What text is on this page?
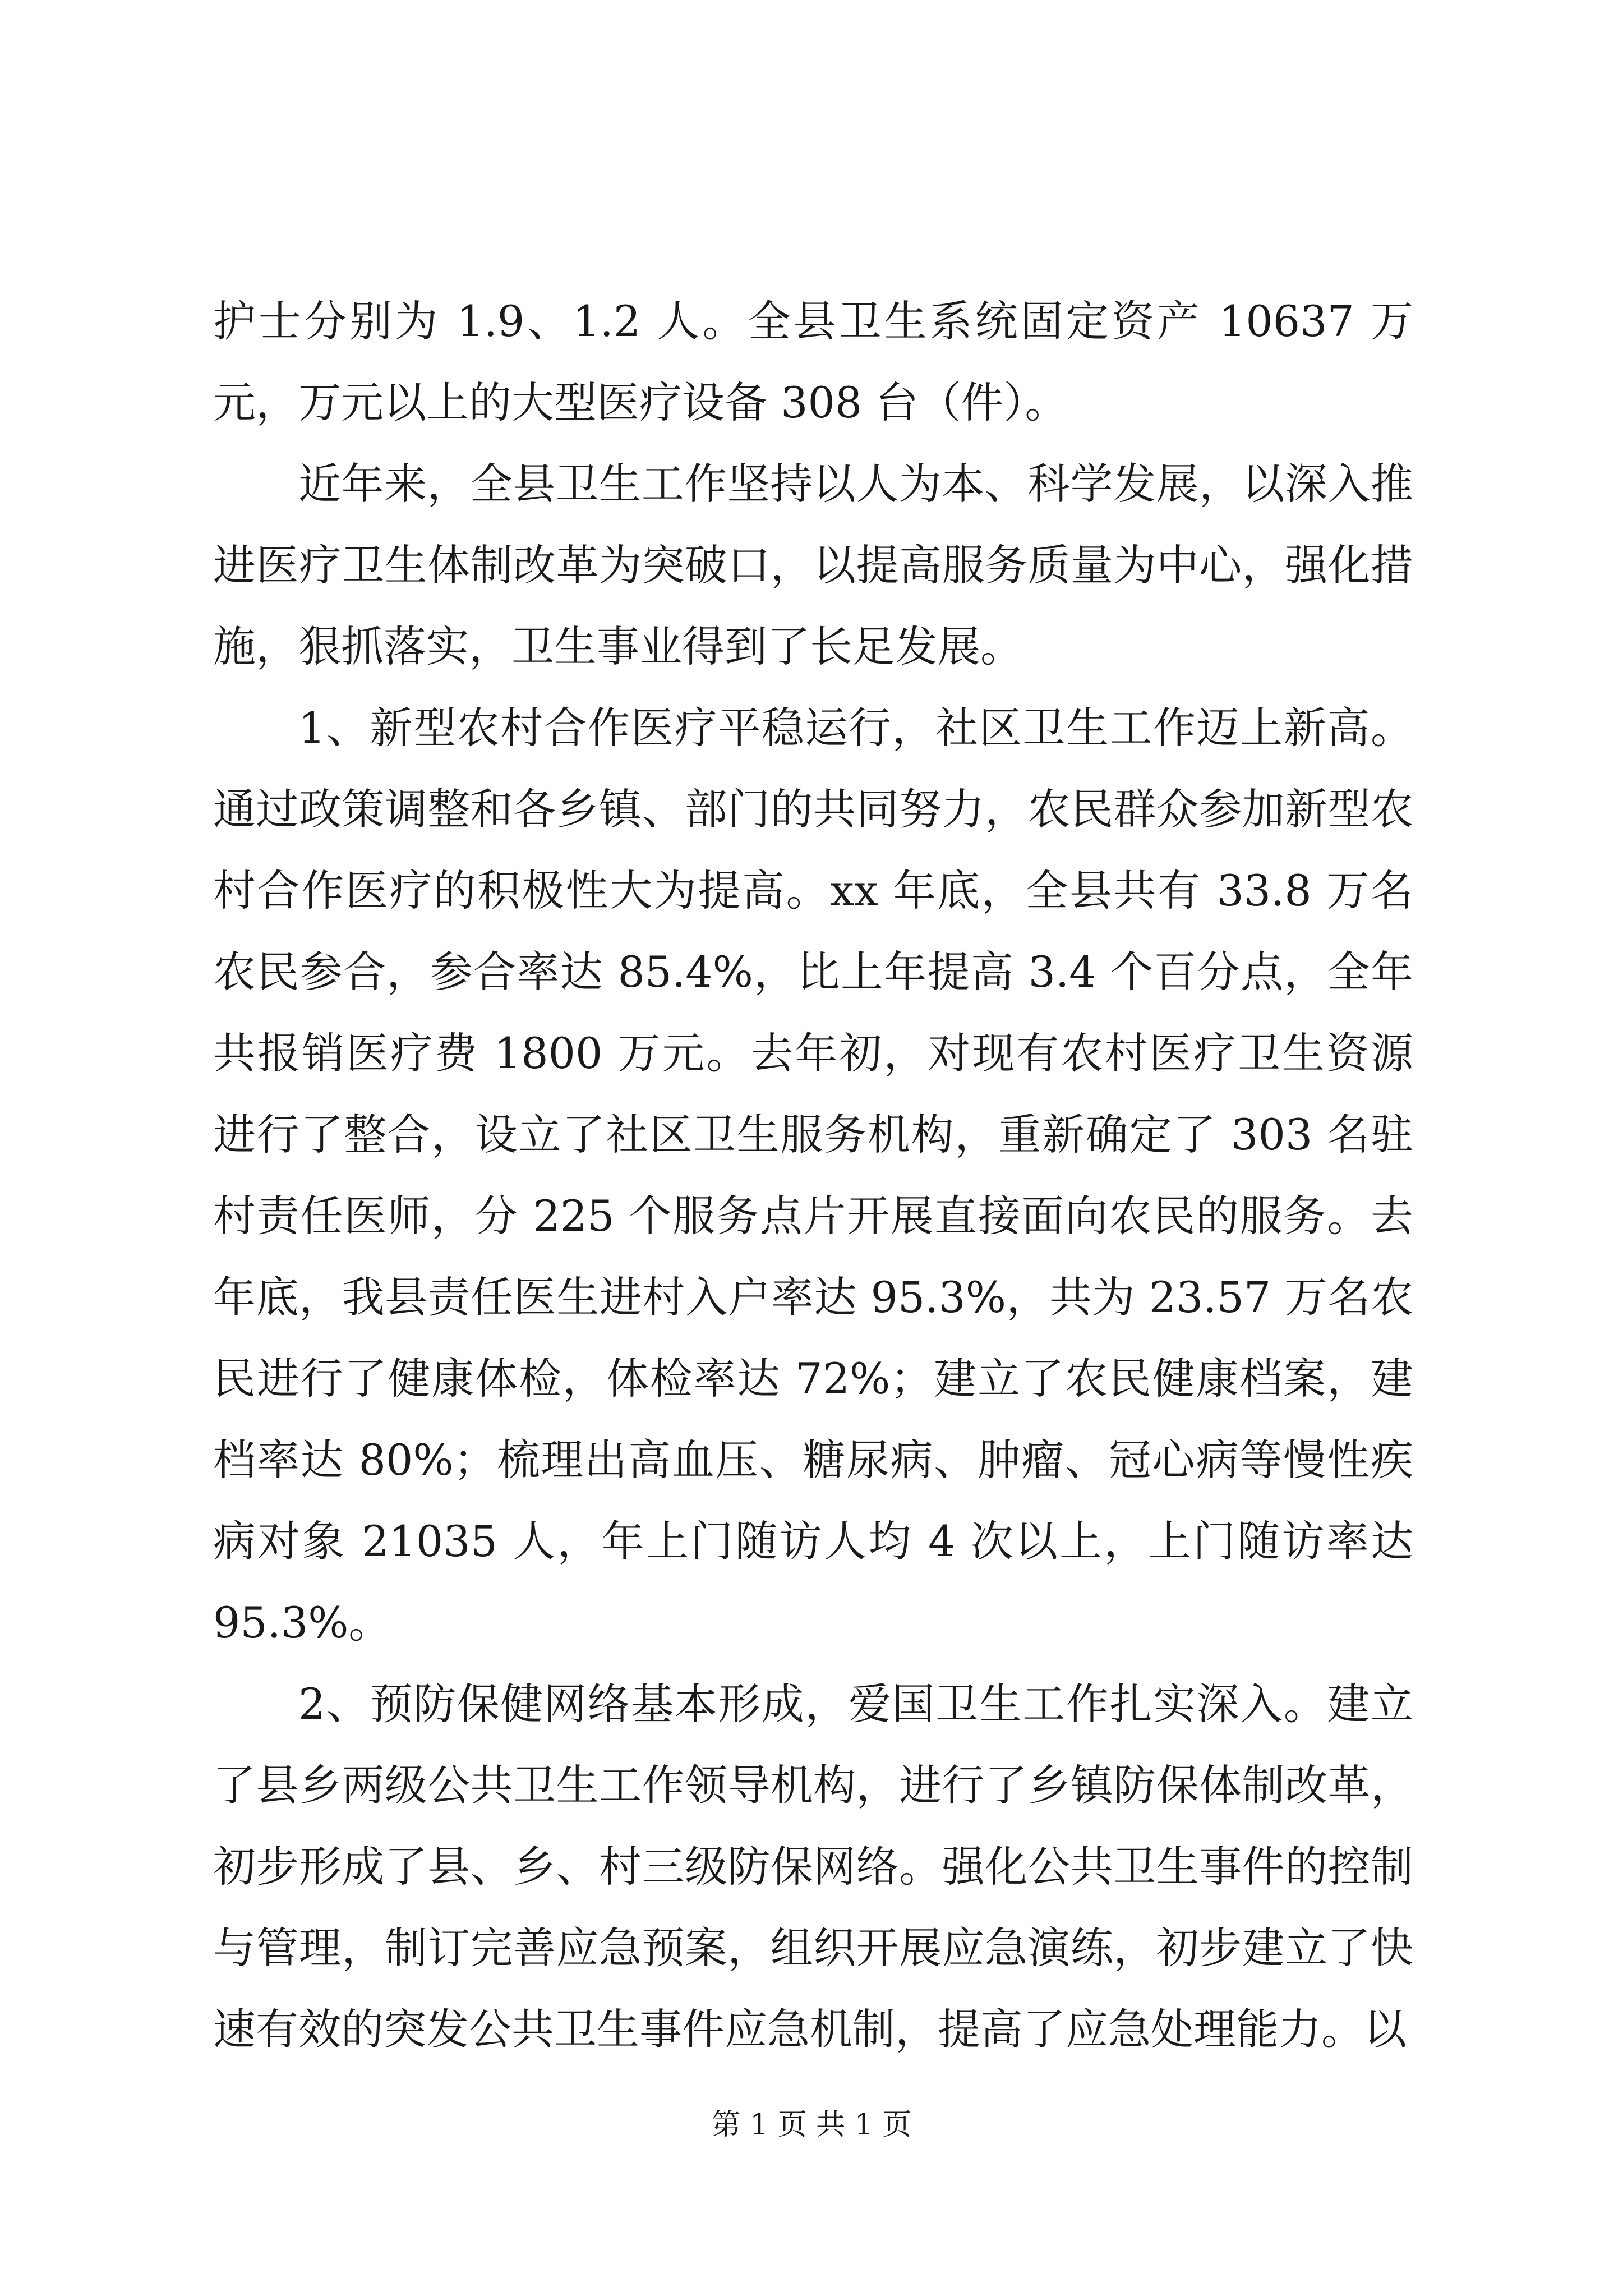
护士分别为 1.9、1.2 人。全县卫生系统固定资产 10637 万元，万元以上的大型医疗设备 308 台（件）。

近年来，全县卫生工作坚持以人为本、科学发展，以深入推进医疗卫生体制改革为突破口，以提高服务质量为中心，强化措施，狠抓落实，卫生事业得到了长足发展。

1、新型农村合作医疗平稳运行，社区卫生工作迈上新高。通过政策调整和各乡镇、部门的共同努力，农民群众参加新型农村合作医疗的积极性大为提高。xx 年底，全县共有 33.8 万名农民参合，参合率达 85.4%，比上年提高 3.4 个百分点，全年共报销医疗费 1800 万元。去年初，对现有农村医疗卫生资源进行了整合，设立了社区卫生服务机构，重新确定了 303 名驻村责任医师，分 225 个服务点片开展直接面向农民的服务。去年底，我县责任医生进村入户率达 95.3%，共为 23.57 万名农民进行了健康体检，体检率达 72%；建立了农民健康档案，建档率达 80%；梳理出高血压、糖尿病、肿瘤、冠心病等慢性疾病对象 21035 人，年上门随访人均 4 次以上，上门随访率达 95.3%。

2、预防保健网络基本形成，爱国卫生工作扎实深入。建立了县乡两级公共卫生工作领导机构，进行了乡镇防保体制改革，初步形成了县、乡、村三级防保网络。强化公共卫生事件的控制与管理，制订完善应急预案，组织开展应急演练，初步建立了快速有效的突发公共卫生事件应急机制，提高了应急处理能力。以

第 1 页 共 1 页
